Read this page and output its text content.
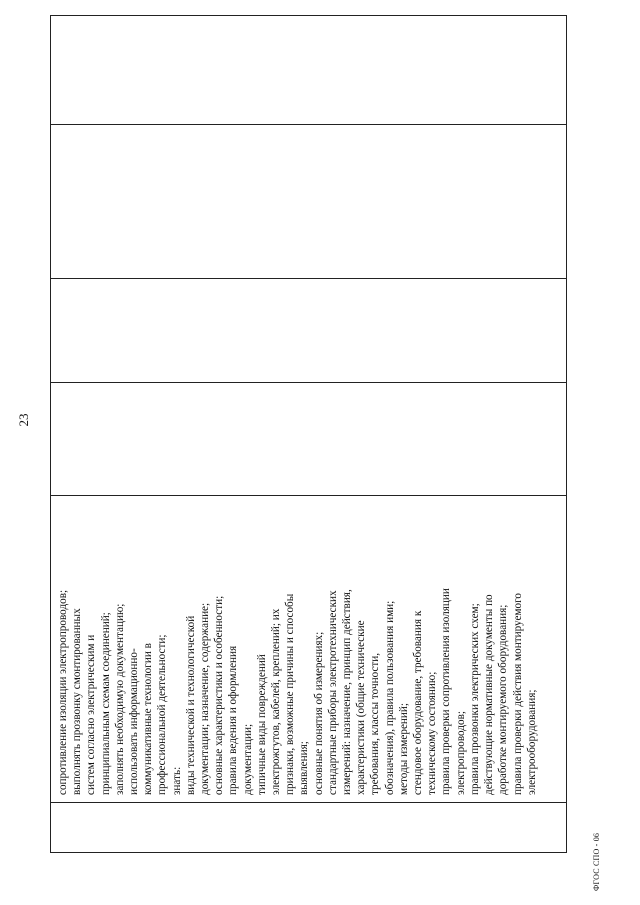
23
сопротивление изоляции электропроводов; выполнять прозвонку смонтированных систем согласно электрическим и принципиальным схемам соединений; заполнять необходимую документацию; использовать информационно- коммуникативные технологии в профессиональной деятельности; знать: виды технической и технологической документации; назначение, содержание; основные характеристики и особенности; правила ведения и оформления документации; типичные виды повреждений электрожгутов, кабелей, креплений; их признаки, возможные причины и способы выявления; основные понятия об измерениях; стандартные приборы электротехнических измерений: назначение, принцип действия, характеристики (общие технические требования, классы точности, обозначения), правила пользования ими; методы измерений; стендовое оборудование, требования к техническому состоянию; правила проверки сопротивления изоляции электропроводов; правила прозвонки электрических схем; действующие нормативные документы по доработке монтируемого оборудования; правила проверки действия монтируемого электрооборудования;
ФГОС СПО - 06
